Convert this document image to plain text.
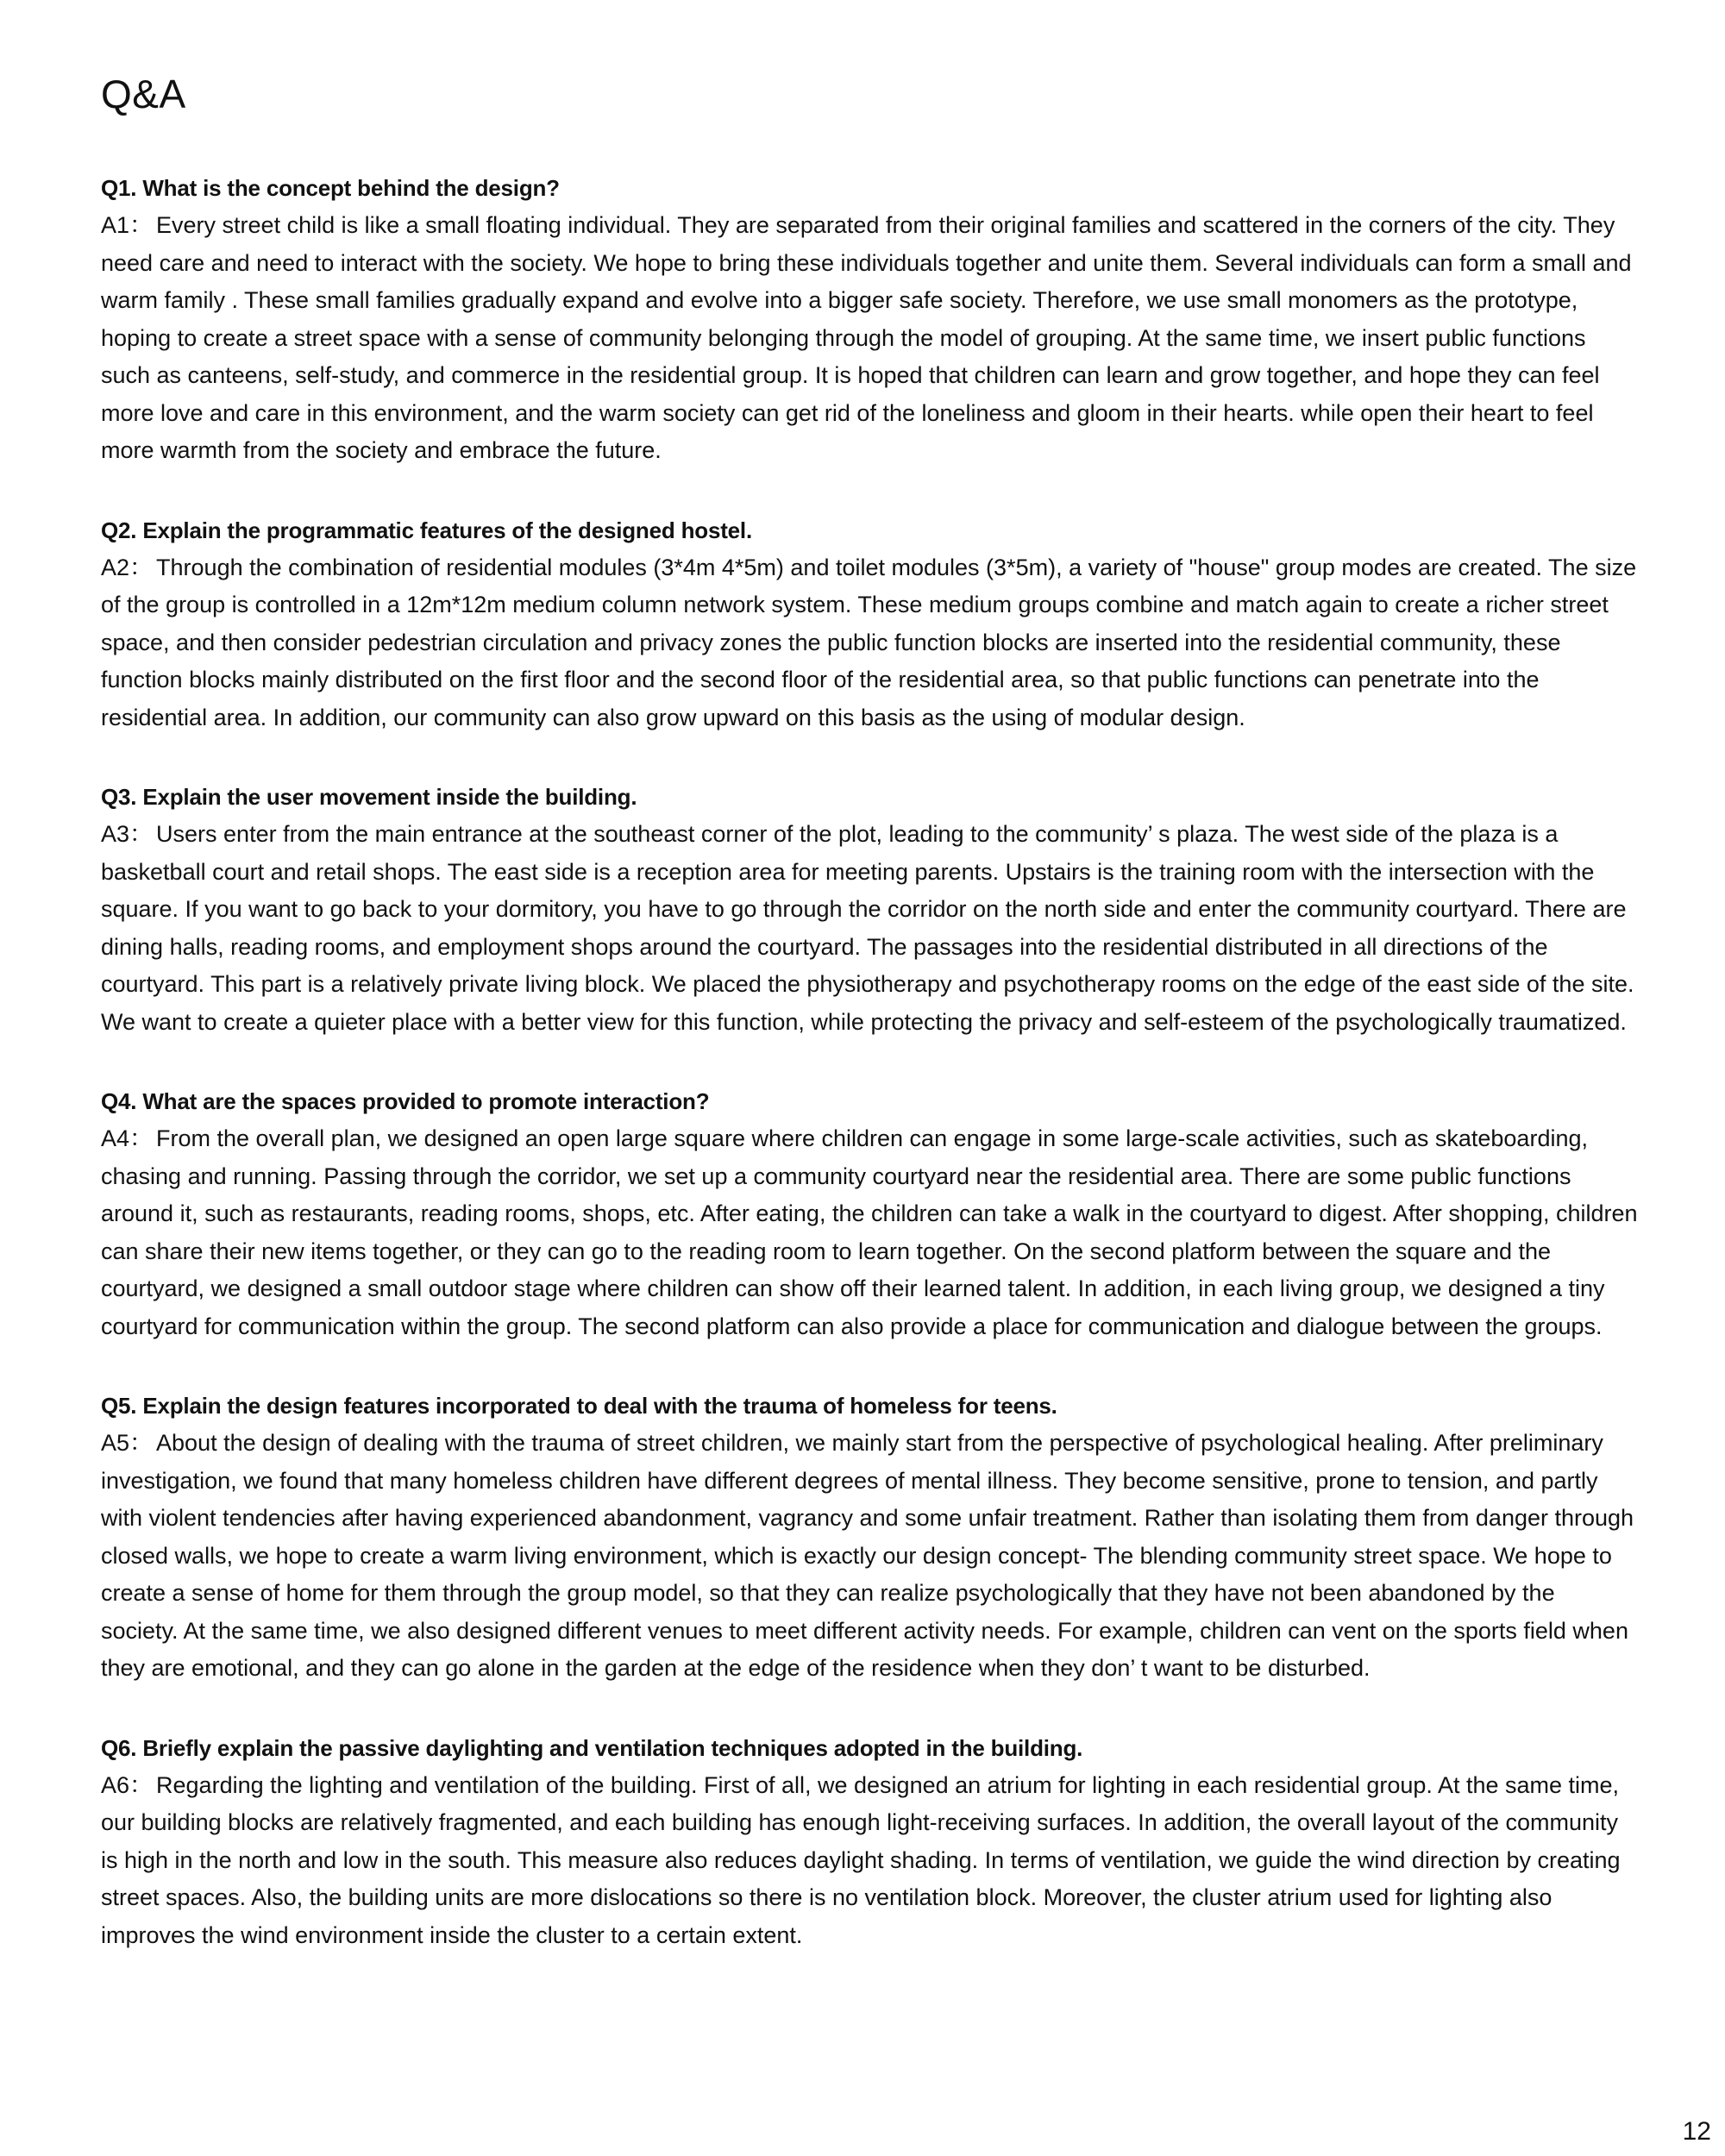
Q&A

Q1. What is the concept behind the design?

A1： Every street child is like a small floating individual. They are separated from their original families and scattered in the corners of the city. They need care and need to interact with the society. We hope to bring these individuals together and unite them. Several individuals can form a small and warm family . These small families gradually expand and evolve into a bigger safe society. Therefore, we use small monomers as the prototype, hoping to create a street space with a sense of community belonging through the model of grouping. At the same time, we insert public functions such as canteens, self-study, and commerce in the residential group. It is hoped that children can learn and grow together, and hope they can feel more love and care in this environment, and the warm society can get rid of the loneliness and gloom in their hearts. while open their heart to feel more warmth from the society and embrace the future.

Q2. Explain the programmatic features of the designed hostel.

A2： Through the combination of residential modules (3*4m 4*5m) and toilet modules (3*5m), a variety of "house" group modes are created. The size of the group is controlled in a 12m*12m medium column network system. These medium groups combine and match again to create a richer street space, and then consider pedestrian circulation and privacy zones the public function blocks are inserted into the residential community, these function blocks mainly distributed on the first floor and the second floor of the residential area, so that public functions can penetrate into the residential area. In addition, our community can also grow upward on this basis as the using of modular design.

Q3. Explain the user movement inside the building.

A3： Users enter from the main entrance at the southeast corner of the plot, leading to the community’ s plaza. The west side of the plaza is a basketball court and retail shops. The east side is a reception area for meeting parents. Upstairs is the training room with the intersection with the square. If you want to go back to your dormitory, you have to go through the corridor on the north side and enter the community courtyard. There are dining halls, reading rooms, and employment shops around the courtyard. The passages into the residential distributed in all directions of the courtyard. This part is a relatively private living block. We placed the physiotherapy and psychotherapy rooms on the edge of the east side of the site. We want to create a quieter place with a better view for this function, while protecting the privacy and self-esteem of the psychologically traumatized.

Q4. What are the spaces provided to promote interaction?

A4： From the overall plan, we designed an open large square where children can engage in some large-scale activities, such as skateboarding, chasing and running. Passing through the corridor, we set up a community courtyard near the residential area. There are some public functions around it, such as restaurants, reading rooms, shops, etc. After eating, the children can take a walk in the courtyard to digest. After shopping, children can share their new items together, or they can go to the reading room to learn together. On the second platform between the square and the courtyard, we designed a small outdoor stage where children can show off their learned talent. In addition, in each living group, we designed a tiny courtyard for communication within the group. The second platform can also provide a place for communication and dialogue between the groups.

Q5. Explain the design features incorporated to deal with the trauma of homeless for teens.

A5： About the design of dealing with the trauma of street children, we mainly start from the perspective of psychological healing. After preliminary investigation, we found that many homeless children have different degrees of mental illness. They become sensitive, prone to tension, and partly with violent tendencies after having experienced abandonment, vagrancy and some unfair treatment. Rather than isolating them from danger through closed walls, we hope to create a warm living environment, which is exactly our design concept- The blending community street space. We hope to create a sense of home for them through the group model, so that they can realize psychologically that they have not been abandoned by the society. At the same time, we also designed different venues to meet different activity needs. For example, children can vent on the sports field when they are emotional, and they can go alone in the garden at the edge of the residence when they don’ t want to be disturbed.

Q6. Briefly explain the passive daylighting and ventilation techniques adopted in the building.

A6： Regarding the lighting and ventilation of the building. First of all, we designed an atrium for lighting in each residential group. At the same time, our building blocks are relatively fragmented, and each building has enough light-receiving surfaces. In addition, the overall layout of the community is high in the north and low in the south. This measure also reduces daylight shading. In terms of ventilation, we guide the wind direction by creating street spaces. Also, the building units are more dislocations so there is no ventilation block. Moreover, the cluster atrium used for lighting also improves the wind environment inside the cluster to a certain extent.

12
